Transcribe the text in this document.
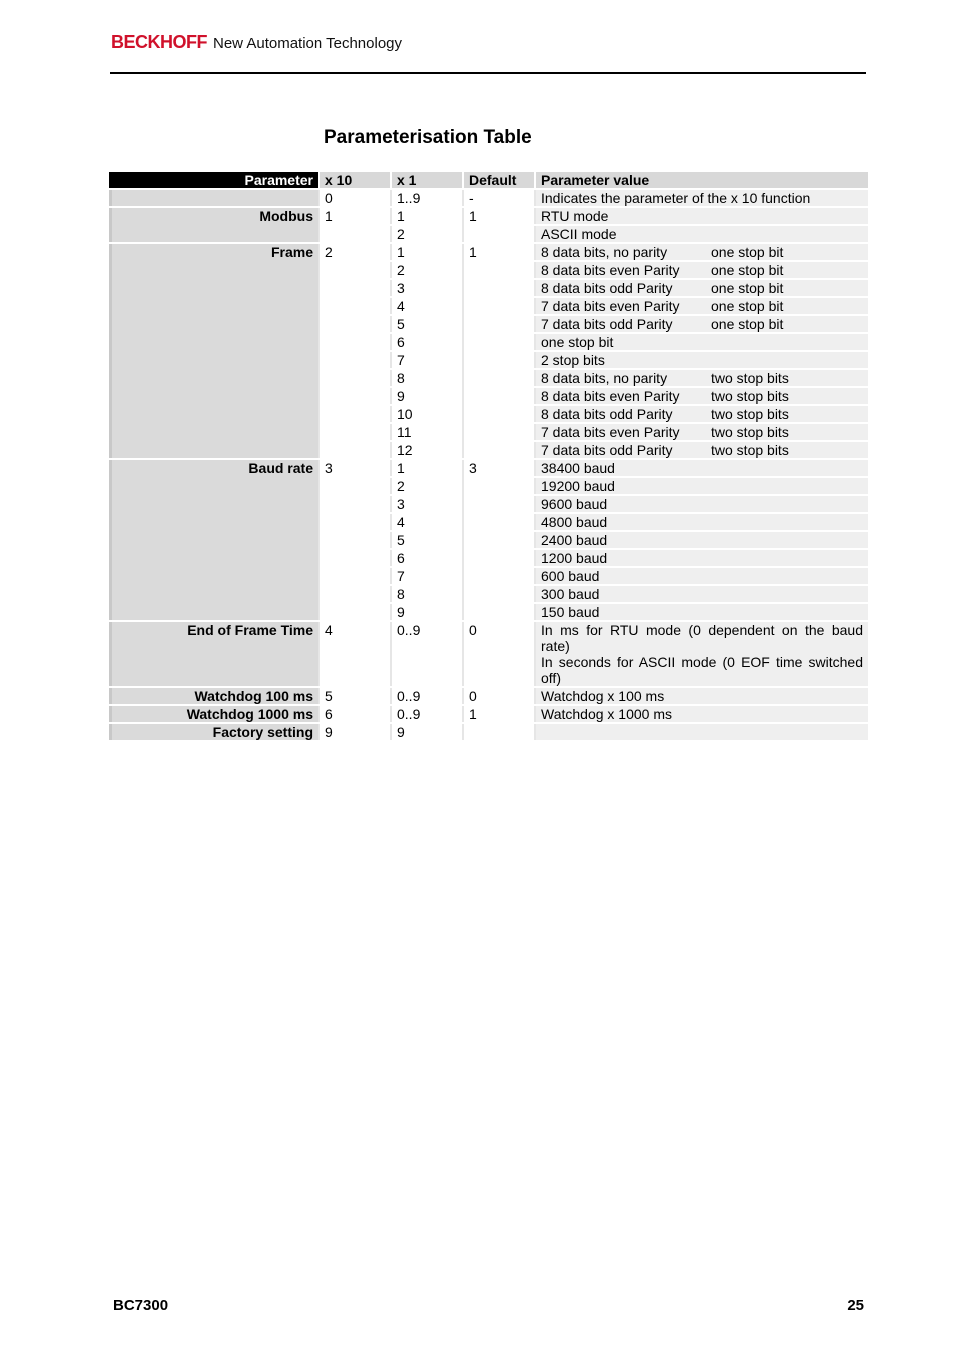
BECKHOFF New Automation Technology
Parameterisation Table
Parameter	x 10	x 1	Default	Parameter value
	0	1..9	-	Indicates the parameter of the x 10 function
Modbus	1	1	1	RTU mode
		2		ASCII mode
Frame	2	1	1	8 data bits, no parity one stop bit
		2		8 data bits even Parity one stop bit
		3		8 data bits odd Parity one stop bit
		4		7 data bits even Parity one stop bit
		5		7 data bits odd Parity one stop bit
		6		one stop bit
		7		2 stop bits
		8		8 data bits, no parity two stop bits
		9		8 data bits even Parity two stop bits
		10		8 data bits odd Parity two stop bits
		11		7 data bits even Parity two stop bits
		12		7 data bits odd Parity two stop bits
Baud rate	3	1	3	38400 baud
		2		19200 baud
		3		9600 baud
		4		4800 baud
		5		2400 baud
		6		1200 baud
		7		600 baud
		8		300 baud
		9		150 baud
End of Frame Time	4	0..9	0	In ms for RTU mode (0 dependent on the baud rate)
In seconds for ASCII mode (0 EOF time switched off)

Watchdog 100 ms	5	0..9	0	Watchdog x 100 ms
Watchdog 1000 ms	6	0..9	1	Watchdog x 1000 ms
Factory setting	9	9		
BC7300	25
